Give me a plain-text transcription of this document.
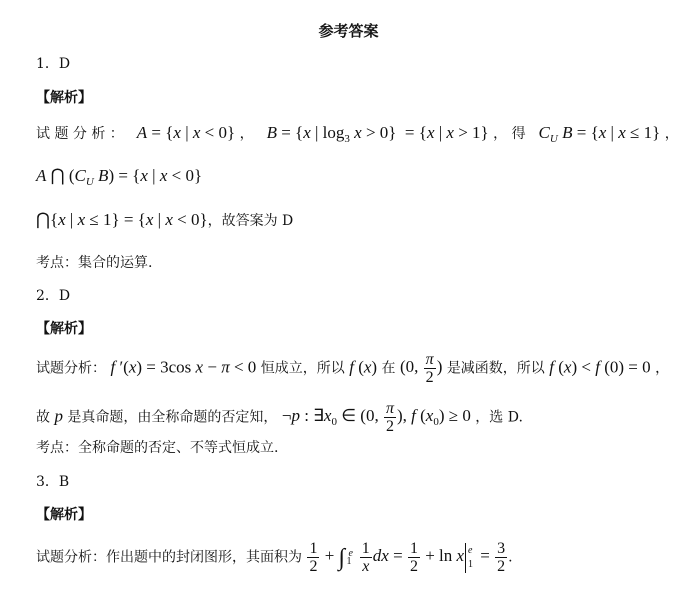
参考答案
1．D
【解析】
试 题 分 析 ： A = {x | x < 0} ， B = {x | $\log_3 x > 0\} = \{x$ | x > 1} ， 得 $C_U$ B = {x | x ≤ 1} ，
A ⋂ ($C_U$ B) = {x | x < 0}
⋂{x | x ≤ 1} = {x | x < 0}，故答案为 D
考点：集合的运算.
2．D
【解析】
试题分析： f ′(x) = 3cos x − π < 0 恒成立，所以 f (x) 在 (0, $\frac{\pi}{2}$ ) 是减函数，所以 f (x) < f (0) = 0 ，
故 p 是真命题，由全称命题的否定知， ¬p : $\exists x_0$ ∈ (0, $\frac{\pi}{2}$ ), f $(x_0) \ge 0$ ，选 D.
考点：全称命题的否定、不等式恒成立.
3．B
【解析】
试题分析：作出题中的封闭图形，其面积为 $\frac{1}{2}$ + ∫ e
1
$\frac{1}{x}$ dx = $\frac{1}{2} + \ln x$ e
$1 = \frac{3}{2}$ .
